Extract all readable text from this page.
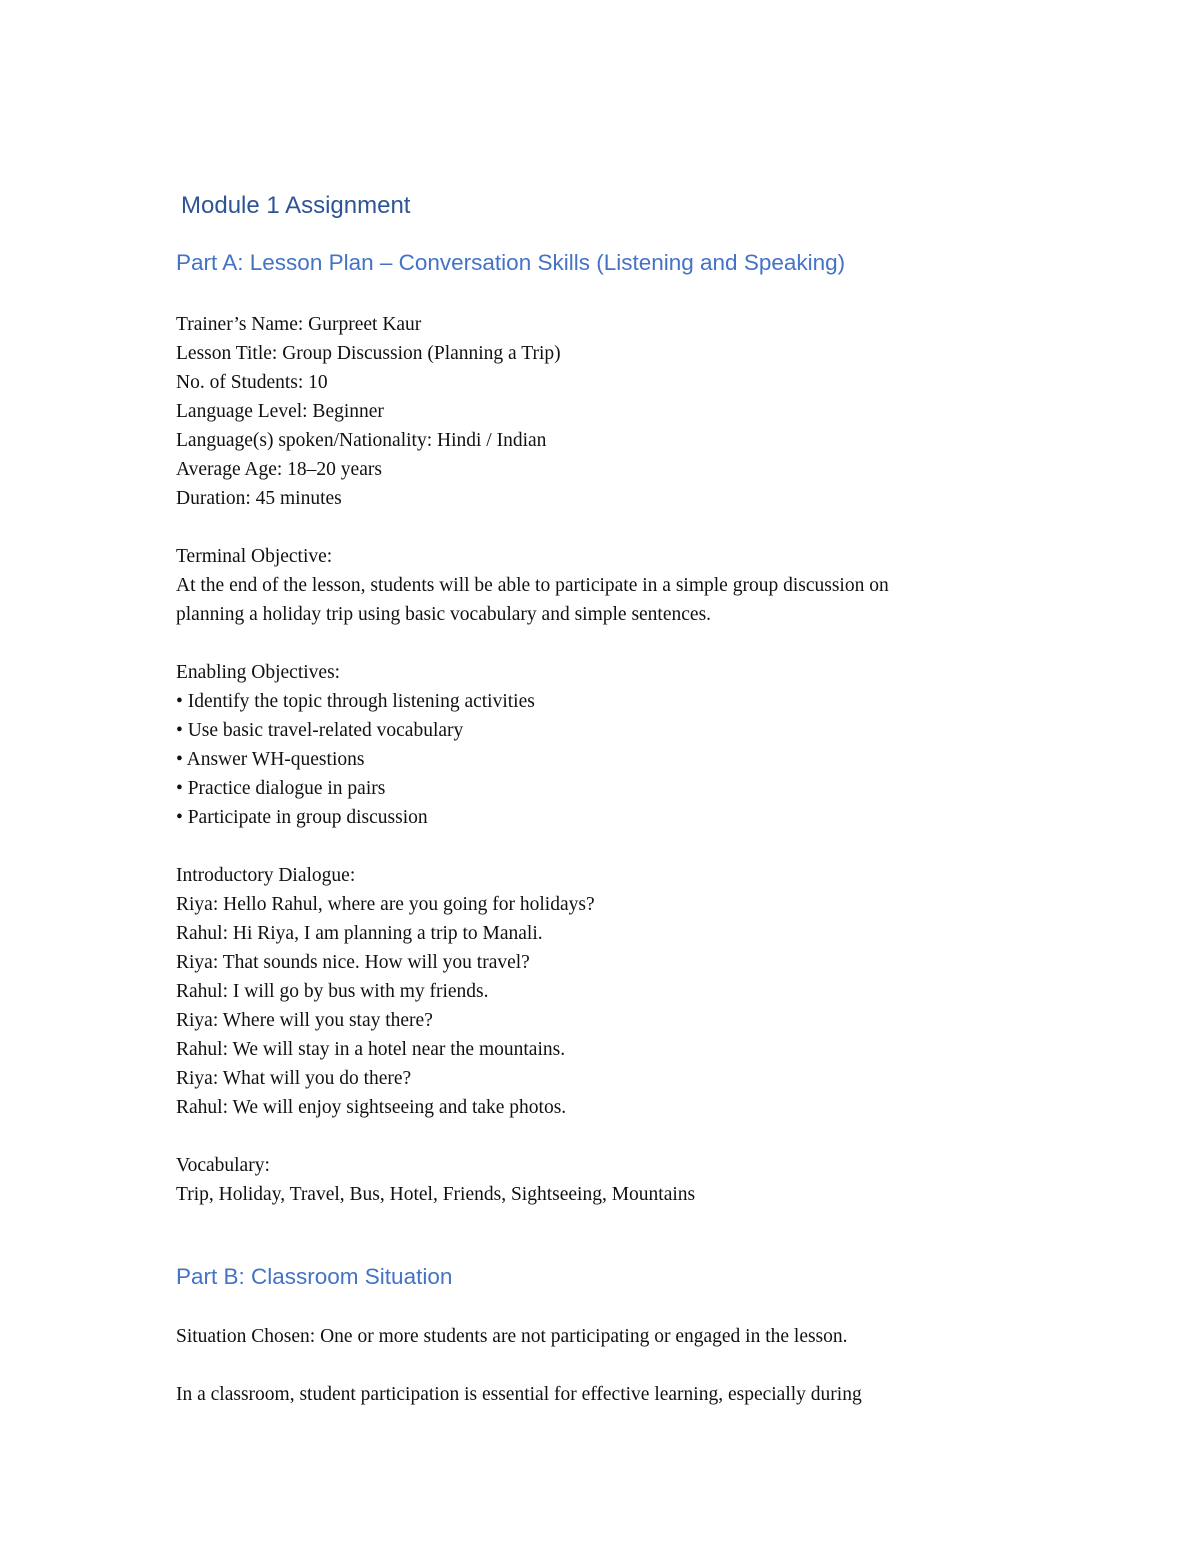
Module 1 Assignment
Part A: Lesson Plan – Conversation Skills (Listening and Speaking)

Trainer’s Name: Gurpreet Kaur

Lesson Title: Group Discussion (Planning a Trip)

No. of Students: 10

Language Level: Beginner

Language(s) spoken/Nationality: Hindi / Indian

Average Age: 18–20 years

Duration: 45 minutes

Terminal Objective:

At the end of the lesson, students will be able to participate in a simple group discussion on

planning a holiday trip using basic vocabulary and simple sentences.

Enabling Objectives:

• Identify the topic through listening activities

• Use basic travel-related vocabulary

• Answer WH-questions

• Practice dialogue in pairs

• Participate in group discussion

Introductory Dialogue:

Riya: Hello Rahul, where are you going for holidays?

Rahul: Hi Riya, I am planning a trip to Manali.

Riya: That sounds nice. How will you travel?

Rahul: I will go by bus with my friends.

Riya: Where will you stay there?

Rahul: We will stay in a hotel near the mountains.

Riya: What will you do there?

Rahul: We will enjoy sightseeing and take photos.

Vocabulary:

Trip, Holiday, Travel, Bus, Hotel, Friends, Sightseeing, Mountains

Part B: Classroom Situation

Situation Chosen: One or more students are not participating or engaged in the lesson.

In a classroom, student participation is essential for effective learning, especially during
